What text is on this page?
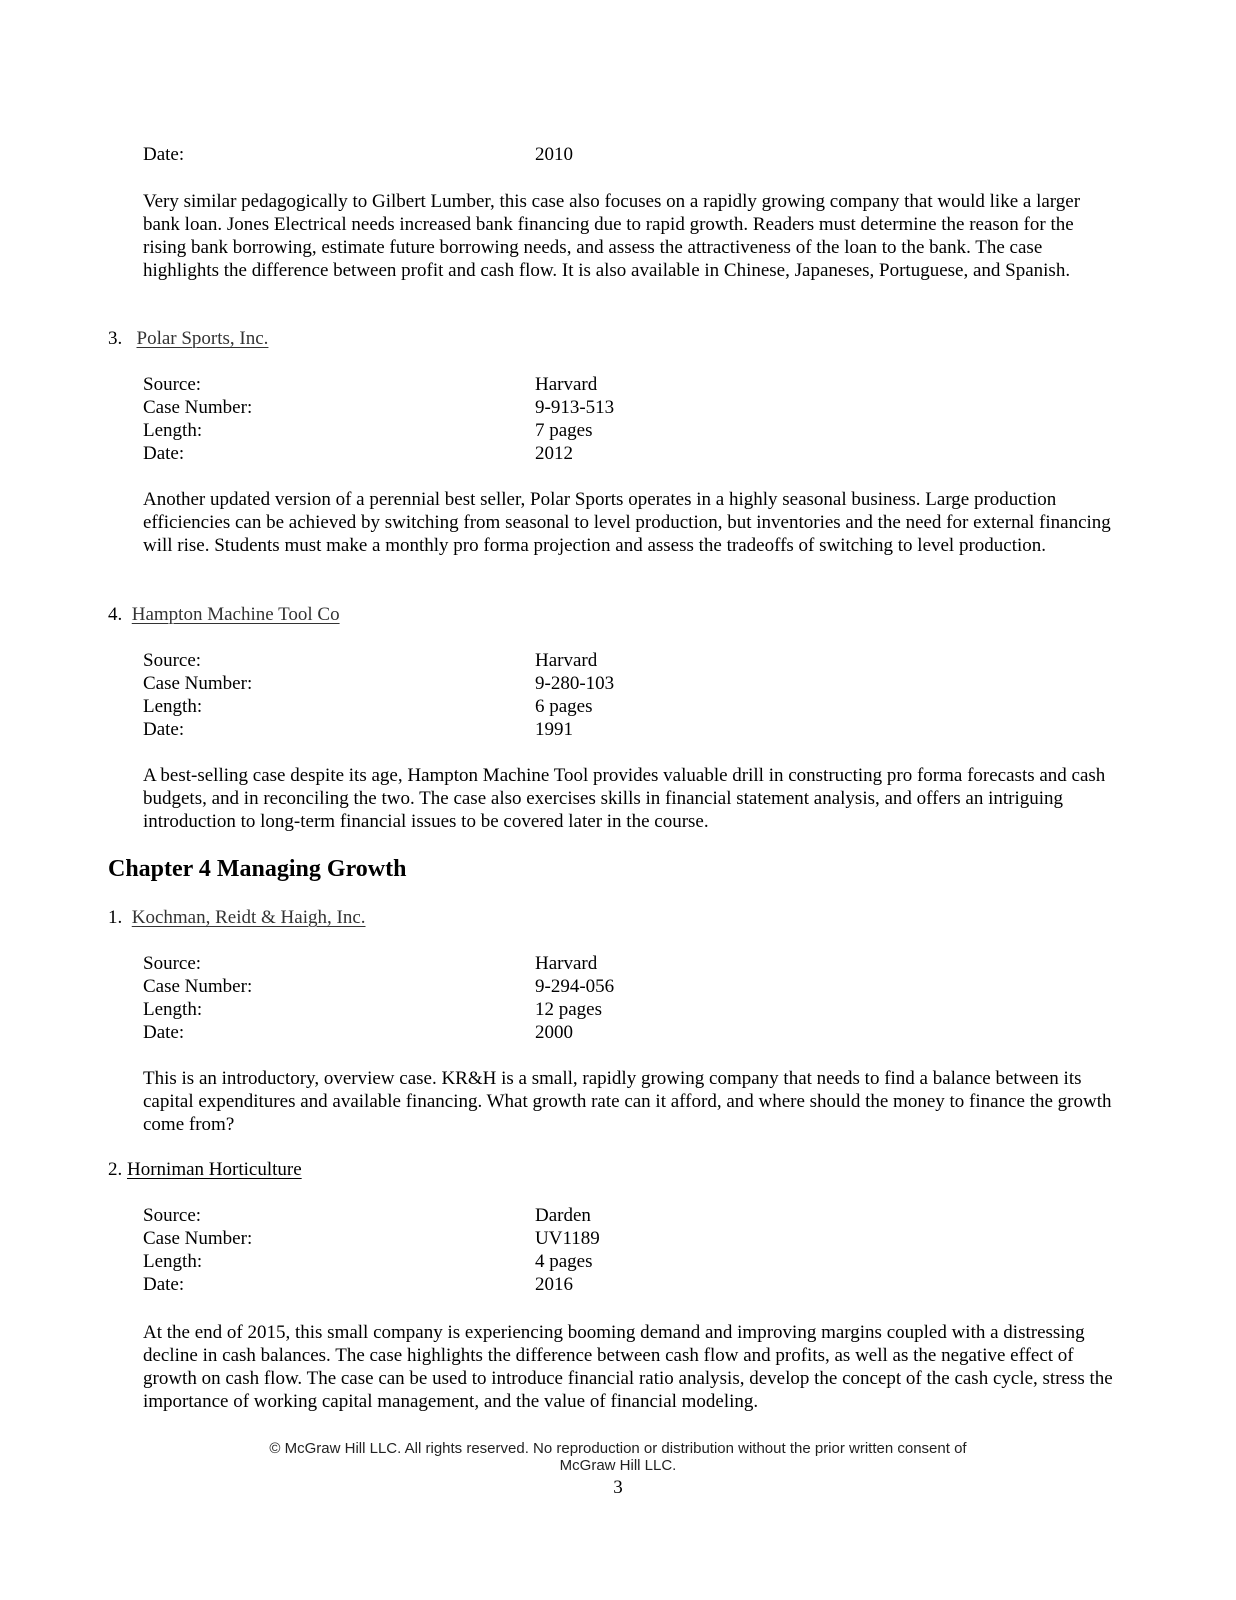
Date:	2010
Very similar pedagogically to Gilbert Lumber, this case also focuses on a rapidly growing company that would like a larger bank loan. Jones Electrical needs increased bank financing due to rapid growth. Readers must determine the reason for the rising bank borrowing, estimate future borrowing needs, and assess the attractiveness of the loan to the bank. The case highlights the difference between profit and cash flow. It is also available in Chinese, Japaneses, Portuguese, and Spanish.
3. Polar Sports, Inc.
Source:	Harvard
Case Number:	9-913-513
Length:	7 pages
Date:	2012
Another updated version of a perennial best seller, Polar Sports operates in a highly seasonal business. Large production efficiencies can be achieved by switching from seasonal to level production, but inventories and the need for external financing will rise. Students must make a monthly pro forma projection and assess the tradeoffs of switching to level production.
4. Hampton Machine Tool Co
Source:	Harvard
Case Number:	9-280-103
Length:	6 pages
Date:	1991
A best-selling case despite its age, Hampton Machine Tool provides valuable drill in constructing pro forma forecasts and cash budgets, and in reconciling the two. The case also exercises skills in financial statement analysis, and offers an intriguing introduction to long-term financial issues to be covered later in the course.
Chapter 4 Managing Growth
1. Kochman, Reidt & Haigh, Inc.
Source:	Harvard
Case Number:	9-294-056
Length:	12 pages
Date:	2000
This is an introductory, overview case. KR&H is a small, rapidly growing company that needs to find a balance between its capital expenditures and available financing. What growth rate can it afford, and where should the money to finance the growth come from?
2. Horniman Horticulture
Source:	Darden
Case Number:	UV1189
Length:	4 pages
Date:	2016
At the end of 2015, this small company is experiencing booming demand and improving margins coupled with a distressing decline in cash balances. The case highlights the difference between cash flow and profits, as well as the negative effect of growth on cash flow. The case can be used to introduce financial ratio analysis, develop the concept of the cash cycle, stress the importance of working capital management, and the value of financial modeling.
© McGraw Hill LLC. All rights reserved. No reproduction or distribution without the prior written consent of
McGraw Hill LLC.
3
